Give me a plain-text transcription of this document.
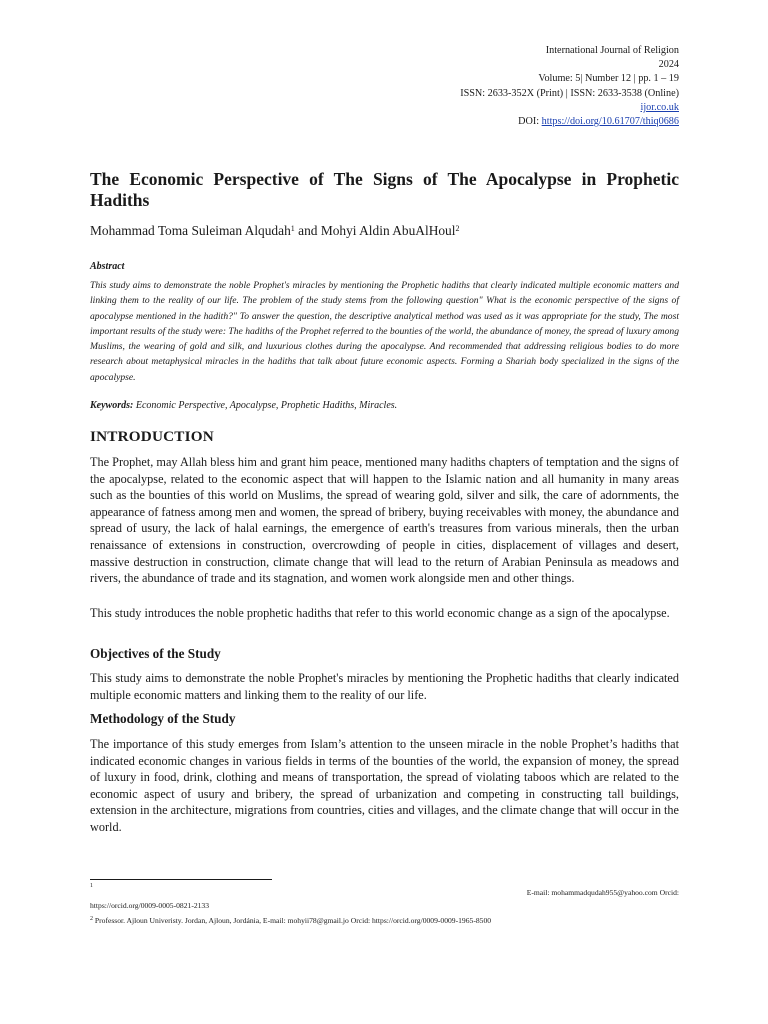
International Journal of Religion
2024
Volume: 5| Number 12 | pp. 1 – 19
ISSN: 2633-352X (Print) | ISSN: 2633-3538 (Online)
ijor.co.uk
DOI: https://doi.org/10.61707/thiq0686
The Economic Perspective of The Signs of The Apocalypse in Prophetic Hadiths

Mohammad Toma Suleiman Alqudah$^1$ and Mohyi Aldin AbuAlHoul$^2$

Abstract

This study aims to demonstrate the noble Prophet's miracles by mentioning the Prophetic hadiths that clearly indicated multiple economic matters and linking them to the reality of our life. The problem of the study stems from the following question" What is the economic perspective of the signs of apocalypse mentioned in the hadith?" To answer the question, the descriptive analytical method was used as it was appropriate for the study, The most important results of the study were: The hadiths of the Prophet referred to the bounties of the world, the abundance of money, the spread of luxury among Muslims, the wearing of gold and silk, and luxurious clothes during the apocalypse. And recommended that addressing religious bodies to do more research about metaphysical miracles in the hadiths that talk about future economic aspects. Forming a Shariah body specialized in the signs of the apocalypse.

Keywords: Economic Perspective, Apocalypse, Prophetic Hadiths, Miracles.

INTRODUCTION

The Prophet, may Allah bless him and grant him peace, mentioned many hadiths chapters of temptation and the signs of the apocalypse, related to the economic aspect that will happen to the Islamic nation and all humanity in many areas such as the bounties of this world on Muslims, the spread of wearing gold, silver and silk, the care of adornments, the appearance of fatness among men and women, the spread of bribery, buying receivables with money, the abundance and spread of usury, the lack of halal earnings, the emergence of earth's treasures from various minerals, then the urban renaissance of extensions in construction, overcrowding of people in cities, displacement of villages and desert, massive destruction in construction, climate change that will lead to the return of Arabian Peninsula as meadows and rivers, the abundance of trade and its stagnation, and women work alongside men and other things.

This study introduces the noble prophetic hadiths that refer to this world economic change as a sign of the apocalypse.

Objectives of the Study

This study aims to demonstrate the noble Prophet's miracles by mentioning the Prophetic hadiths that clearly indicated multiple economic matters and linking them to the reality of our life.

Methodology of the Study

The importance of this study emerges from Islam’s attention to the unseen miracle in the noble Prophet’s hadiths that indicated economic changes in various fields in terms of the bounties of the world, the expansion of money, the spread of luxury in food, drink, clothing and means of transportation, the spread of violating taboos which are related to the economic aspect of usury and bribery, the spread of urbanization and competing in constructing tall buildings, extension in the architecture, migrations from countries, cities and villages, and the climate change that will occur in the world.

1
E-mail: mohammadqudah955@yahoo.com Orcid:

https://orcid.org/0009-0005-0821-2133

$^2$ Professor. Ajloun Univeristy. Jordan, Ajloun, Jordánia, E-mail: mohyii78@gmail.jo Orcid: https://orcid.org/0009-0009-1965-8500
